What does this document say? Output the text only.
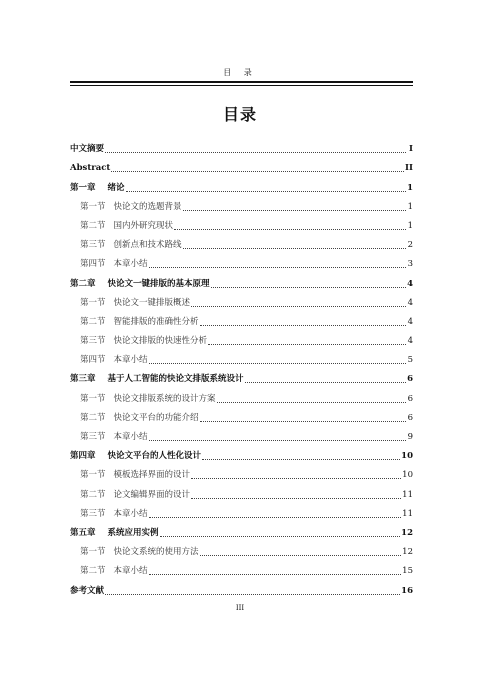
目 录
目录
中文摘要	I
Abstract	II
第一章 绪论	1
第一节 快论文的选题背景	1
第二节 国内外研究现状	1
第三节 创新点和技术路线	2
第四节 本章小结	3
第二章 快论文一键排版的基本原理	4
第一节 快论文一键排版概述	4
第二节 智能排版的准确性分析	4
第三节 快论文排版的快速性分析	4
第四节 本章小结	5
第三章 基于人工智能的快论文排版系统设计	6
第一节 快论文排版系统的设计方案	6
第二节 快论文平台的功能介绍	6
第三节 本章小结	9
第四章 快论文平台的人性化设计	10
第一节 模板选择界面的设计	10
第二节 论文编辑界面的设计	11
第三节 本章小结	11
第五章 系统应用实例	12
第一节 快论文系统的使用方法	12
第二节 本章小结	15
参考文献	16
III
